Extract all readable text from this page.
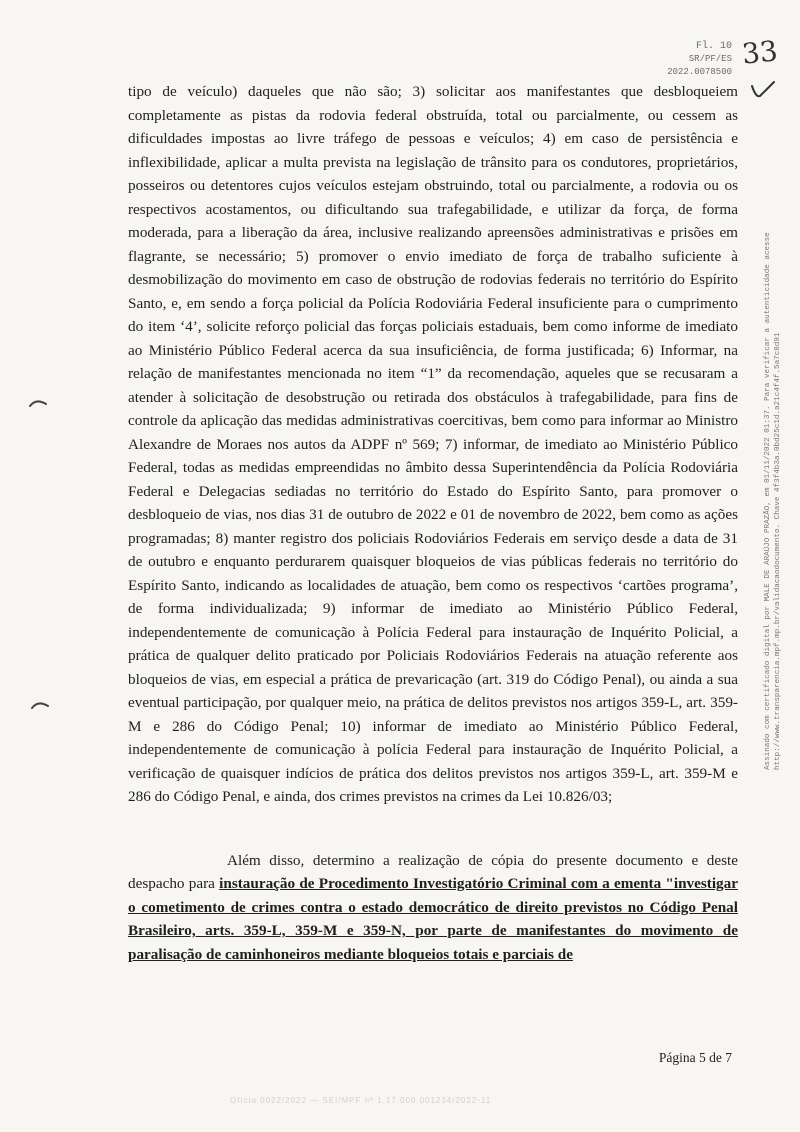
Fl. 10
SR/PF/ES
2022.0078500
33

tipo de veículo) daqueles que não são; 3) solicitar aos manifestantes que desbloqueiem completamente as pistas da rodovia federal obstruída, total ou parcialmente, ou cessem as dificuldades impostas ao livre tráfego de pessoas e veículos; 4) em caso de persistência e inflexibilidade, aplicar a multa prevista na legislação de trânsito para os condutores, proprietários, posseiros ou detentores cujos veículos estejam obstruindo, total ou parcialmente, a rodovia ou os respectivos acostamentos, ou dificultando sua trafegabilidade, e utilizar da força, de forma moderada, para a liberação da área, inclusive realizando apreensões administrativas e prisões em flagrante, se necessário; 5) promover o envio imediato de força de trabalho suficiente à desmobilização do movimento em caso de obstrução de rodovias federais no território do Espírito Santo, e, em sendo a força policial da Polícia Rodoviária Federal insuficiente para o cumprimento do item ‘4’, solicite reforço policial das forças policiais estaduais, bem como informe de imediato ao Ministério Público Federal acerca da sua insuficiência, de forma justificada; 6) Informar, na relação de manifestantes mencionada no item “1” da recomendação, aqueles que se recusaram a atender à solicitação de desobstrução ou retirada dos obstáculos à trafegabilidade, para fins de controle da aplicação das medidas administrativas coercitivas, bem como para informar ao Ministro Alexandre de Moraes nos autos da ADPF nº 569; 7) informar, de imediato ao Ministério Público Federal, todas as medidas empreendidas no âmbito dessa Superintendência da Polícia Rodoviária Federal e Delegacias sediadas no território do Estado do Espírito Santo, para promover o desbloqueio de vias, nos dias 31 de outubro de 2022 e 01 de novembro de 2022, bem como as ações programadas; 8) manter registro dos policiais Rodoviários Federais em serviço desde a data de 31 de outubro e enquanto perdurarem quaisquer bloqueios de vias públicas federais no território do Espírito Santo, indicando as localidades de atuação, bem como os respectivos ‘cartões programa’, de forma individualizada; 9) informar de imediato ao Ministério Público Federal, independentemente de comunicação à Polícia Federal para instauração de Inquérito Policial, a prática de qualquer delito praticado por Policiais Rodoviários Federais na atuação referente aos bloqueios de vias, em especial a prática de prevaricação (art. 319 do Código Penal), ou ainda a sua eventual participação, por qualquer meio, na prática de delitos previstos nos artigos 359-L, art. 359-M e 286 do Código Penal; 10) informar de imediato ao Ministério Público Federal, independentemente de comunicação à polícia Federal para instauração de Inquérito Policial, a verificação de quaisquer indícios de prática dos delitos previstos nos artigos 359-L, art. 359-M e 286 do Código Penal, e ainda, dos crimes previstos na crimes da Lei 10.826/03;

Além disso, determino a realização de cópia do presente documento e deste despacho para instauração de Procedimento Investigatório Criminal com a ementa "investigar o cometimento de crimes contra o estado democrático de direito previstos no Código Penal Brasileiro, arts. 359-L, 359-M e 359-N, por parte de manifestantes do movimento de paralisação de caminhoneiros mediante bloqueios totais e parciais de

Página 5 de 7
Assinado com certificado digital por MALE DE ARAÚJO PRAZÃO, em 01/11/2022 01:37. Para verificar a autenticidade acesse http://www.transparencia.mpf.mp.br/validacaodocumento. Chave 4f3f4b3a.0bd25c1d.a21c4f4f.5a7c8d91
Ofício 0022/2022 — SEI/MPF nº 1.17.000.001234/2022-11
